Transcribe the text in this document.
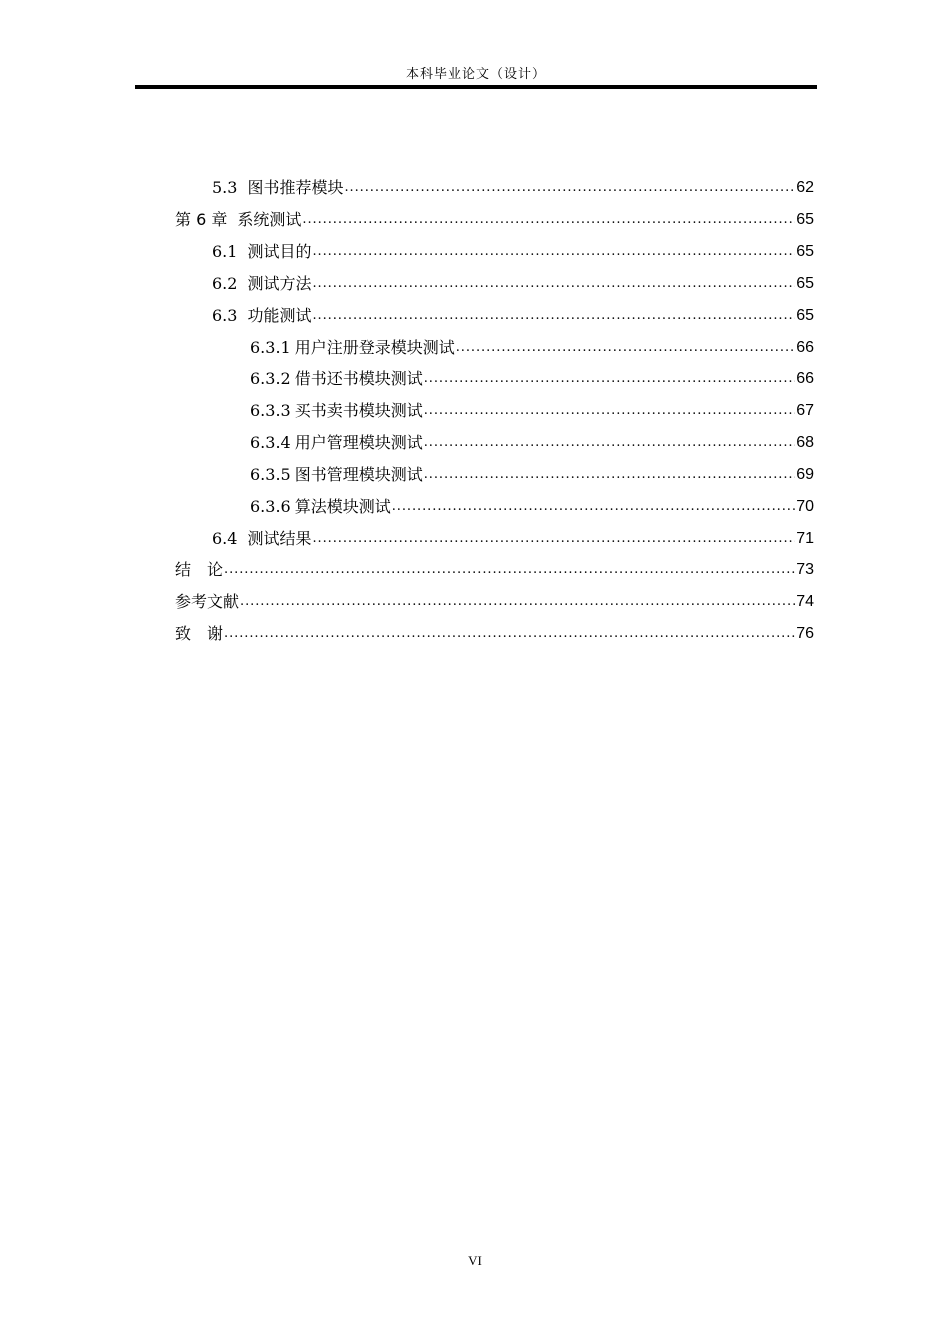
本科毕业论文（设计）
5.3 图书推荐模块 . . .	62
第 6 章 系统测试 . . .	65
6.1 测试目的 . . .	65
6.2 测试方法 . . .	65
6.3 功能测试 . . .	65
6.3.1 用户注册登录模块测试 . . .	66
6.3.2 借书还书模块测试 . . .	66
6.3.3 买书卖书模块测试 . . .	67
6.3.4 用户管理模块测试 . . .	68
6.3.5 图书管理模块测试 . . .	69
6.3.6 算法模块测试 . . .	70
6.4 测试结果 . . .	71
结　论 . . .	73
参考文献 . . .	74
致　谢 . . .	76
VI
